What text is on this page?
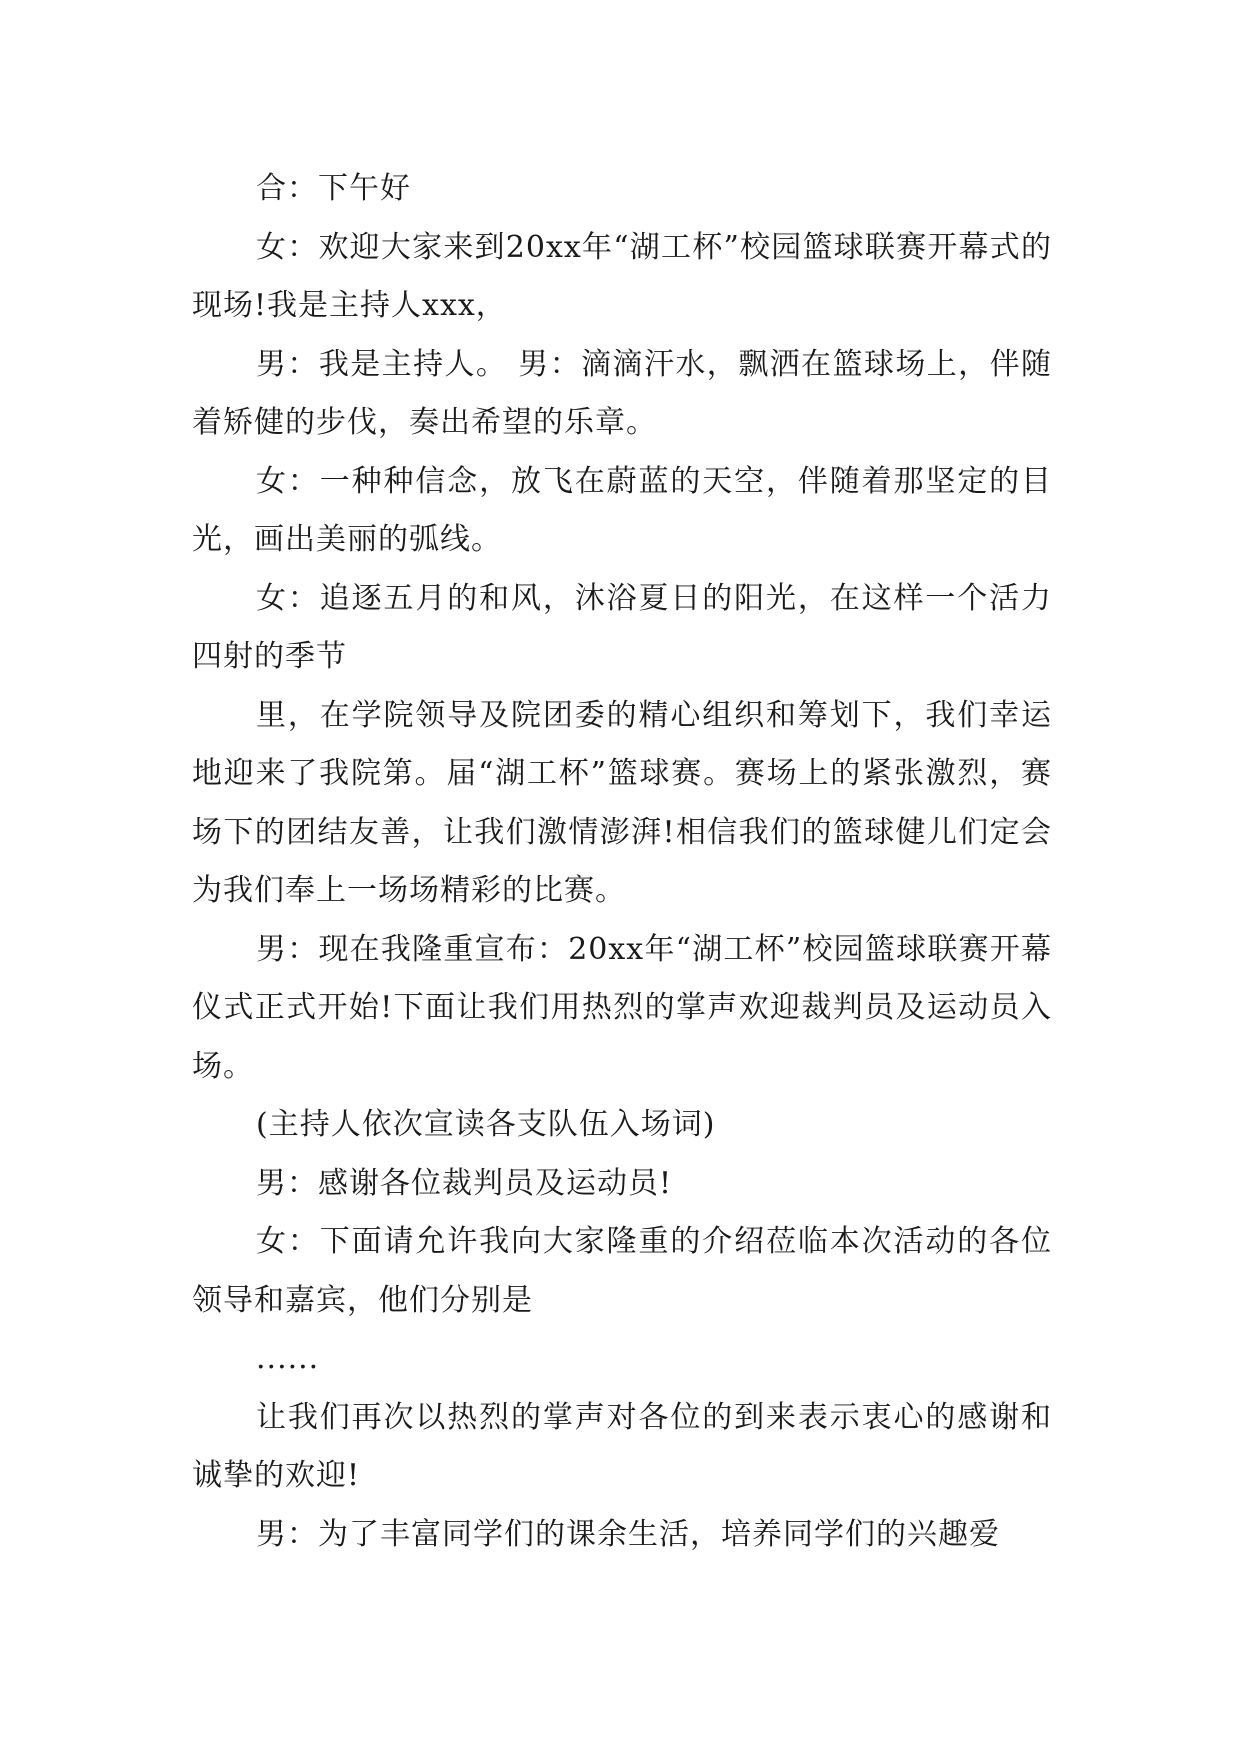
合：下午好

女：欢迎大家来到20xx年“湖工杯”校园篮球联赛开幕式的现场!我是主持人xxx，

男：我是主持人。 男：滴滴汗水，飘洒在篮球场上，伴随着矫健的步伐，奏出希望的乐章。

女：一种种信念，放飞在蔚蓝的天空，伴随着那坚定的目光，画出美丽的弧线。

女：追逐五月的和风，沐浴夏日的阳光，在这样一个活力四射的季节

里，在学院领导及院团委的精心组织和筹划下，我们幸运地迎来了我院第。届“湖工杯”篮球赛。赛场上的紧张激烈，赛场下的团结友善，让我们激情澎湃!相信我们的篮球健儿们定会为我们奉上一场场精彩的比赛。

男：现在我隆重宣布：20xx年“湖工杯”校园篮球联赛开幕仪式正式开始!下面让我们用热烈的掌声欢迎裁判员及运动员入场。

(主持人依次宣读各支队伍入场词)

男：感谢各位裁判员及运动员!

女：下面请允许我向大家隆重的介绍莅临本次活动的各位领导和嘉宾，他们分别是

......

让我们再次以热烈的掌声对各位的到来表示衷心的感谢和诚挚的欢迎!

男：为了丰富同学们的课余生活，培养同学们的兴趣爱
